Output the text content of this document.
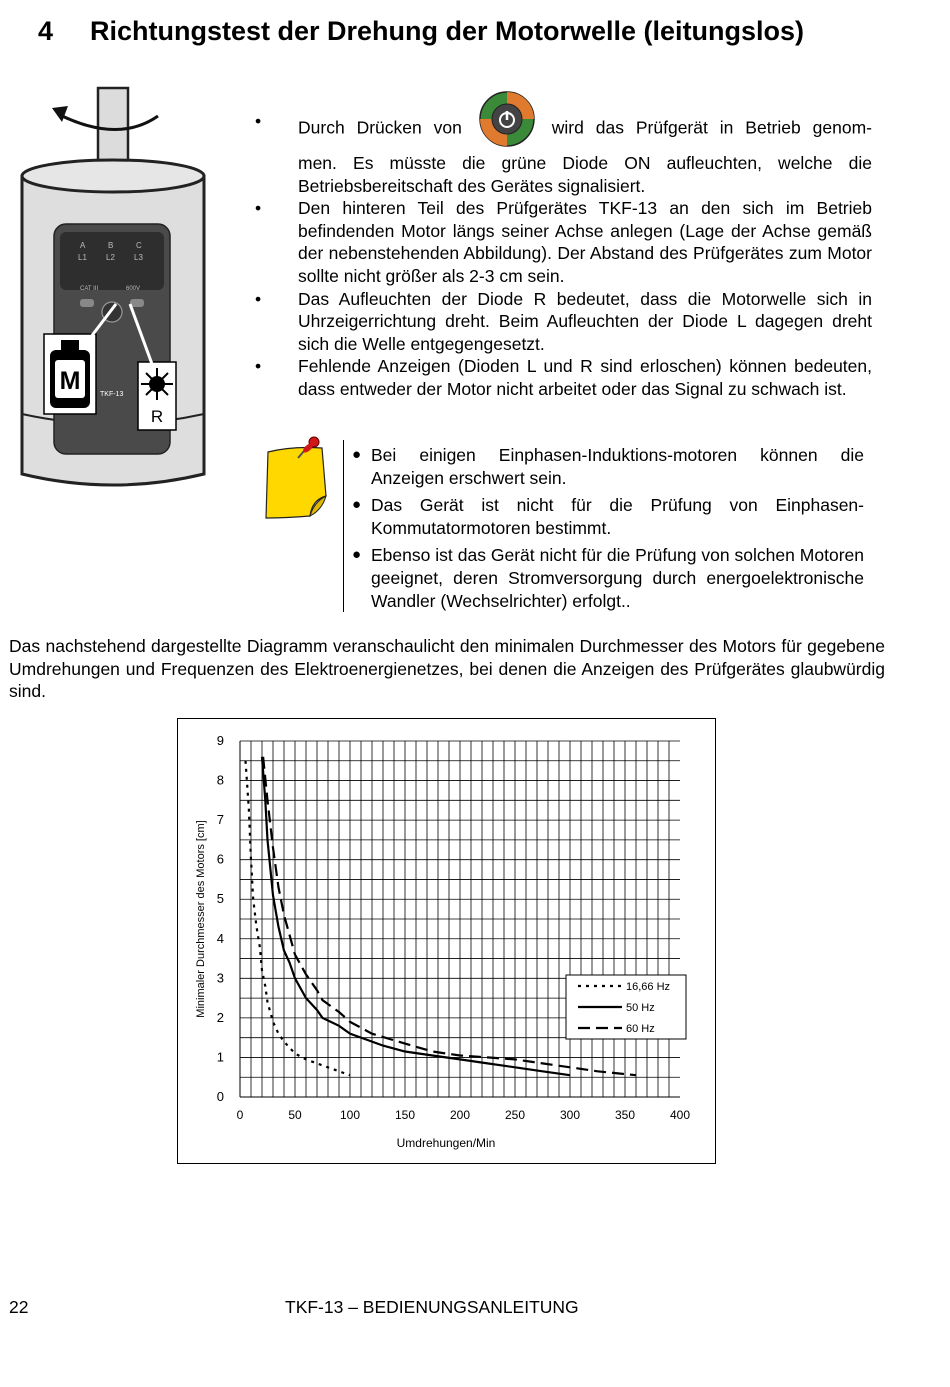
4 Richtungstest der Drehung der Motorwelle (leitungslos)
A	B	C
L1 L2 L3
CAT III	600V
TKF-13
M
R
• Durch Drücken von	wird das Prüfgerät in Betrieb genom-
men. Es müsste die grüne Diode ON aufleuchten, welche die Betriebsbereitschaft des Gerätes signalisiert.
• Den hinteren Teil des Prüfgerätes TKF-13 an den sich im Betrieb befindenden Motor längs seiner Achse anlegen (Lage der Achse gemäß der nebenstehenden Abbildung). Der Abstand des Prüfgerätes zum Motor sollte nicht größer als 2-3 cm sein.
• Das Aufleuchten der Diode R bedeutet, dass die Motorwelle sich in Uhrzeigerrichtung dreht. Beim Aufleuchten der Diode L dagegen dreht sich die Welle entgegengesetzt.
• Fehlende Anzeigen (Dioden L und R sind erloschen) können bedeuten, dass entweder der Motor nicht arbeitet oder das Signal zu schwach ist.
● Bei einigen Einphasen-Induktions-motoren können die Anzeigen erschwert sein.
● Das Gerät ist nicht für die Prüfung von Einphasen-Kommutatormotoren bestimmt.
● Ebenso ist das Gerät nicht für die Prüfung von solchen Motoren geeignet, deren Stromversorgung durch energoelektronische Wandler (Wechselrichter) erfolgt..
Das nachstehend dargestellte Diagramm veranschaulicht den minimalen Durchmesser des Motors für gegebene Umdrehungen und Frequenzen des Elektroenergienetzes, bei denen die Anzeigen des Prüfgerätes glaubwürdig sind.
0	50	100	150	200	250	300	350	400
0
1
2
3
4
5
6
7
8
9
Umdrehungen/Min
Minimaler Durchmesser des Motors [cm]	16,66 Hz
50 Hz
60 Hz
22	TKF-13 – BEDIENUNGSANLEITUNG
